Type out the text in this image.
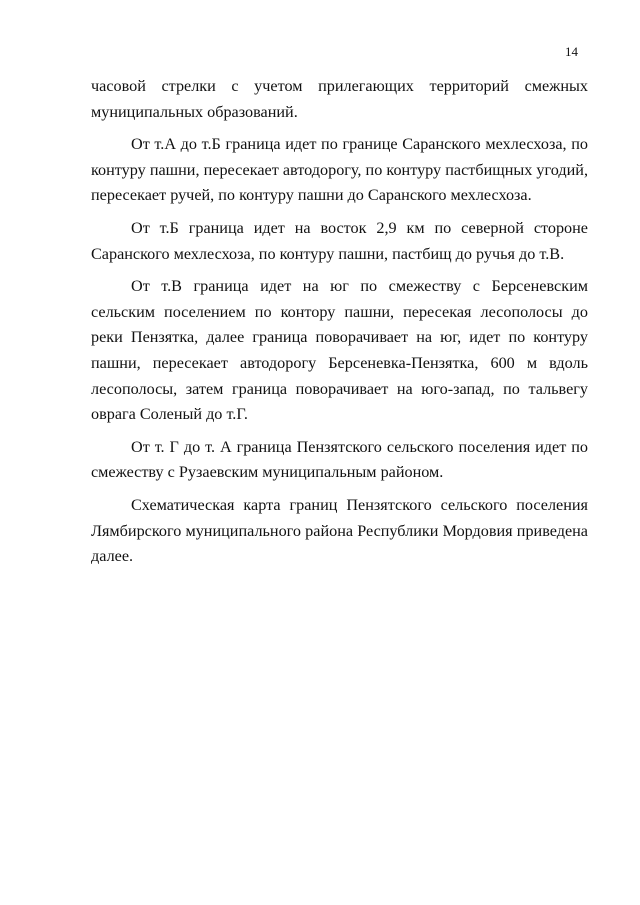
14

часовой стрелки с учетом прилегающих территорий смежных муниципальных образований.

От т.А до т.Б граница идет по границе Саранского мехлесхоза, по контуру пашни, пересекает автодорогу, по контуру пастбищных угодий, пересекает ручей, по контуру пашни до Саранского мехлесхоза.

От т.Б граница идет на восток 2,9 км по северной стороне Саранского мехлесхоза, по контуру пашни, пастбищ до ручья до т.В.

От т.В граница идет на юг по смежеству с Берсеневским сельским поселением по контору пашни, пересекая лесополосы до реки Пензятка, далее граница поворачивает на юг, идет по контуру пашни, пересекает автодорогу Берсеневка-Пензятка, 600 м вдоль лесополосы, затем граница поворачивает на юго-запад, по тальвегу оврага Соленый до т.Г.

От т. Г до т. А граница Пензятского сельского поселения идет по смежеству с Рузаевским муниципальным районом.

Схематическая карта границ Пензятского сельского поселения Лямбирского муниципального района Республики Мордовия приведена далее.
